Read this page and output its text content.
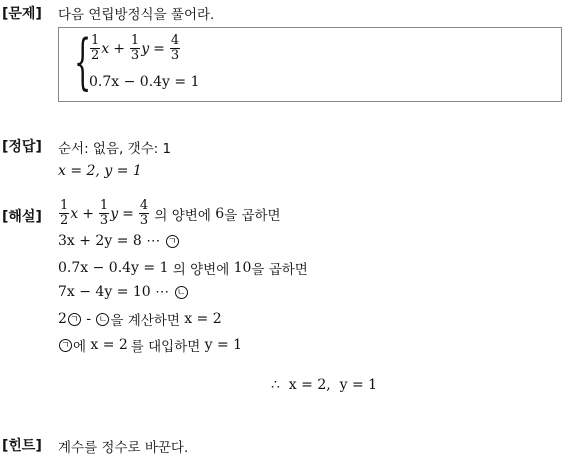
[문제] 다음 연립방정식을 풀어라.
{
$\frac{1}{2}$ $x + \frac{1}{3}$ $y = \frac{4}{3}$
0.7x − 0.4y = 1
[정답] 순서: 없음, 갯수: 1
x = 2, y = 1
[해설] $\frac{1}{2}$ $x + \frac{1}{3}$ $y = \frac{4}{3}$ 의 양변에 6 을 곱하면
3x + 2y = 8 ⋯ ㄱ
0.7x − 0.4y = 1 의 양변에 10 을 곱하면
7x − 4y = 10 ⋯ ㄴ
2 ㄱ - ㄴ 을 계산하면 x = 2
ㄱ 에 x = 2 를 대입하면 y = 1
∴  x = 2,  y = 1
[힌트] 계수를 정수로 바꾼다.
